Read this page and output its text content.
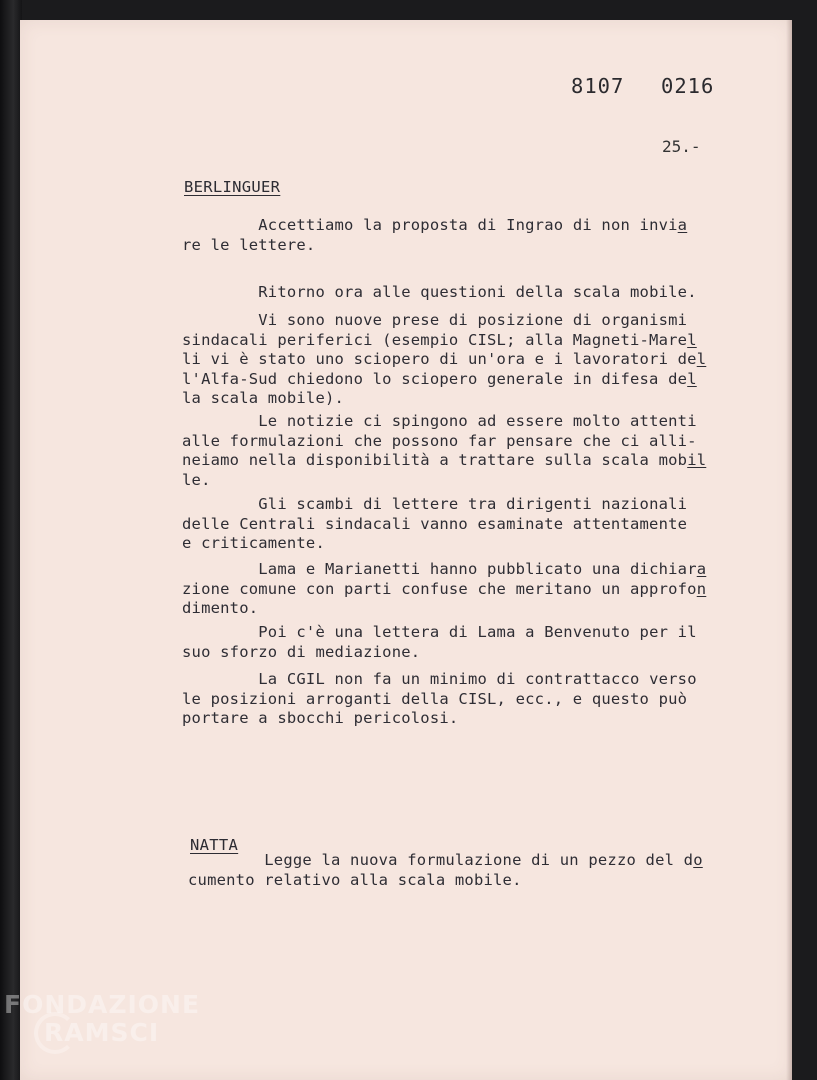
8107 0216
25.-
BERLINGUER

Accettiamo la proposta di Ingrao di non invia
re le lettere.

Ritorno ora alle questioni della scala mobile.

Vi sono nuove prese di posizione di organismi
sindacali periferici (esempio CISL; alla Magneti-Marel
li vi è stato uno sciopero di un'ora e i lavoratori del
l'Alfa-Sud chiedono lo sciopero generale in difesa del
la scala mobile).

Le notizie ci spingono ad essere molto attenti
alle formulazioni che possono far pensare che ci alli-
neiamo nella disponibilità a trattare sulla scala mobil
le.

Gli scambi di lettere tra dirigenti nazionali
delle Centrali sindacali vanno esaminate attentamente
e criticamente.

Lama e Marianetti hanno pubblicato una dichiara
zione comune con parti confuse che meritano un approfon
dimento.

Poi c'è una lettera di Lama a Benvenuto per il
suo sforzo di mediazione.

La CGIL non fa un minimo di contrattacco verso
le posizioni arroganti della CISL, ecc., e questo può
portare a sbocchi pericolosi.

NATTA

Legge la nuova formulazione di un pezzo del do
cumento relativo alla scala mobile.

FONDAZIONE
RAMSCI
